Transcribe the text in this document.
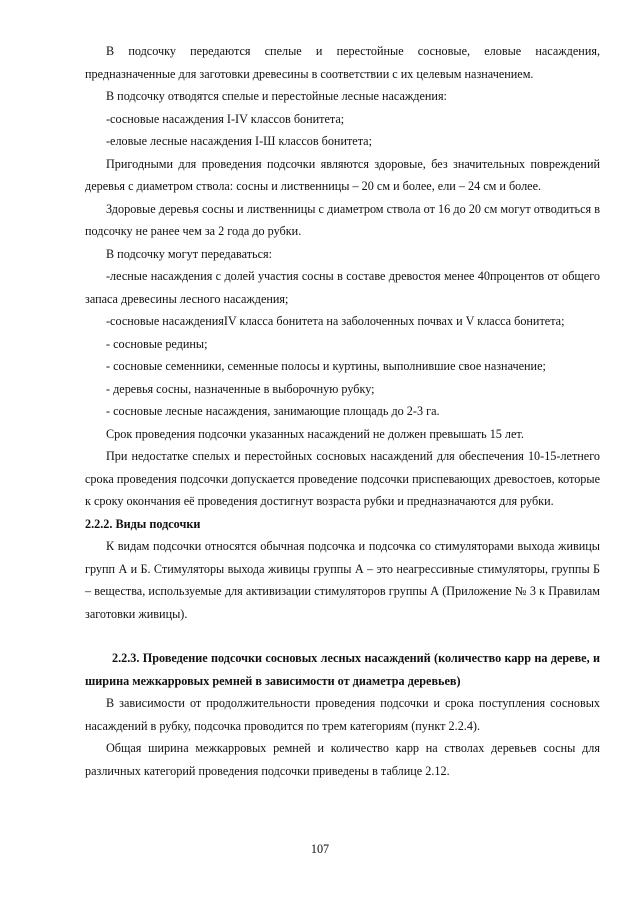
В подсочку передаются спелые и перестойные сосновые, еловые насаждения, предназначенные для заготовки древесины в соответствии с их целевым назначением.

В подсочку отводятся спелые и перестойные лесные насаждения:

-сосновые насаждения I-IV классов бонитета;

-еловые лесные насаждения I-Ш классов бонитета;

Пригодными для проведения подсочки являются здоровые, без значительных повреждений деревья с диаметром ствола: сосны и лиственницы – 20 см и более, ели – 24 см и более.

Здоровые деревья сосны и лиственницы с диаметром ствола от 16 до 20 см могут отводиться в подсочку не ранее чем за 2 года до рубки.

В подсочку могут передаваться:

-лесные насаждения с долей участия сосны в составе древостоя менее 40процентов от общего запаса древесины лесного насаждения;

-сосновые насажденияIV класса бонитета на заболоченных почвах и V класса бонитета;

- сосновые редины;

- сосновые семенники, семенные полосы и куртины, выполнившие свое назначение;

- деревья сосны, назначенные в выборочную рубку;

- сосновые лесные насаждения, занимающие площадь до 2-3 га.

Срок проведения подсочки указанных насаждений не должен превышать 15 лет.

При недостатке спелых и перестойных сосновых насаждений для обеспечения 10-15-летнего срока проведения подсочки допускается проведение подсочки приспевающих древостоев, которые к сроку окончания её проведения достигнут возраста рубки и предназначаются для рубки.

2.2.2. Виды подсочки

К видам подсочки относятся обычная подсочка и подсочка со стимуляторами выхода живицы групп А и Б. Стимуляторы выхода живицы группы А – это неагрессивные стимуляторы, группы Б – вещества, используемые для активизации стимуляторов группы А (Приложение № 3 к Правилам заготовки живицы).

2.2.3. Проведение подсочки сосновых лесных насаждений (количество карр на дереве, и ширина межкарровых ремней в зависимости от диаметра деревьев)

В зависимости от продолжительности проведения подсочки и срока поступления сосновых насаждений в рубку, подсочка проводится по трем категориям (пункт 2.2.4).

Общая ширина межкарровых ремней и количество карр на стволах деревьев сосны для различных категорий проведения подсочки приведены в таблице 2.12.

107
